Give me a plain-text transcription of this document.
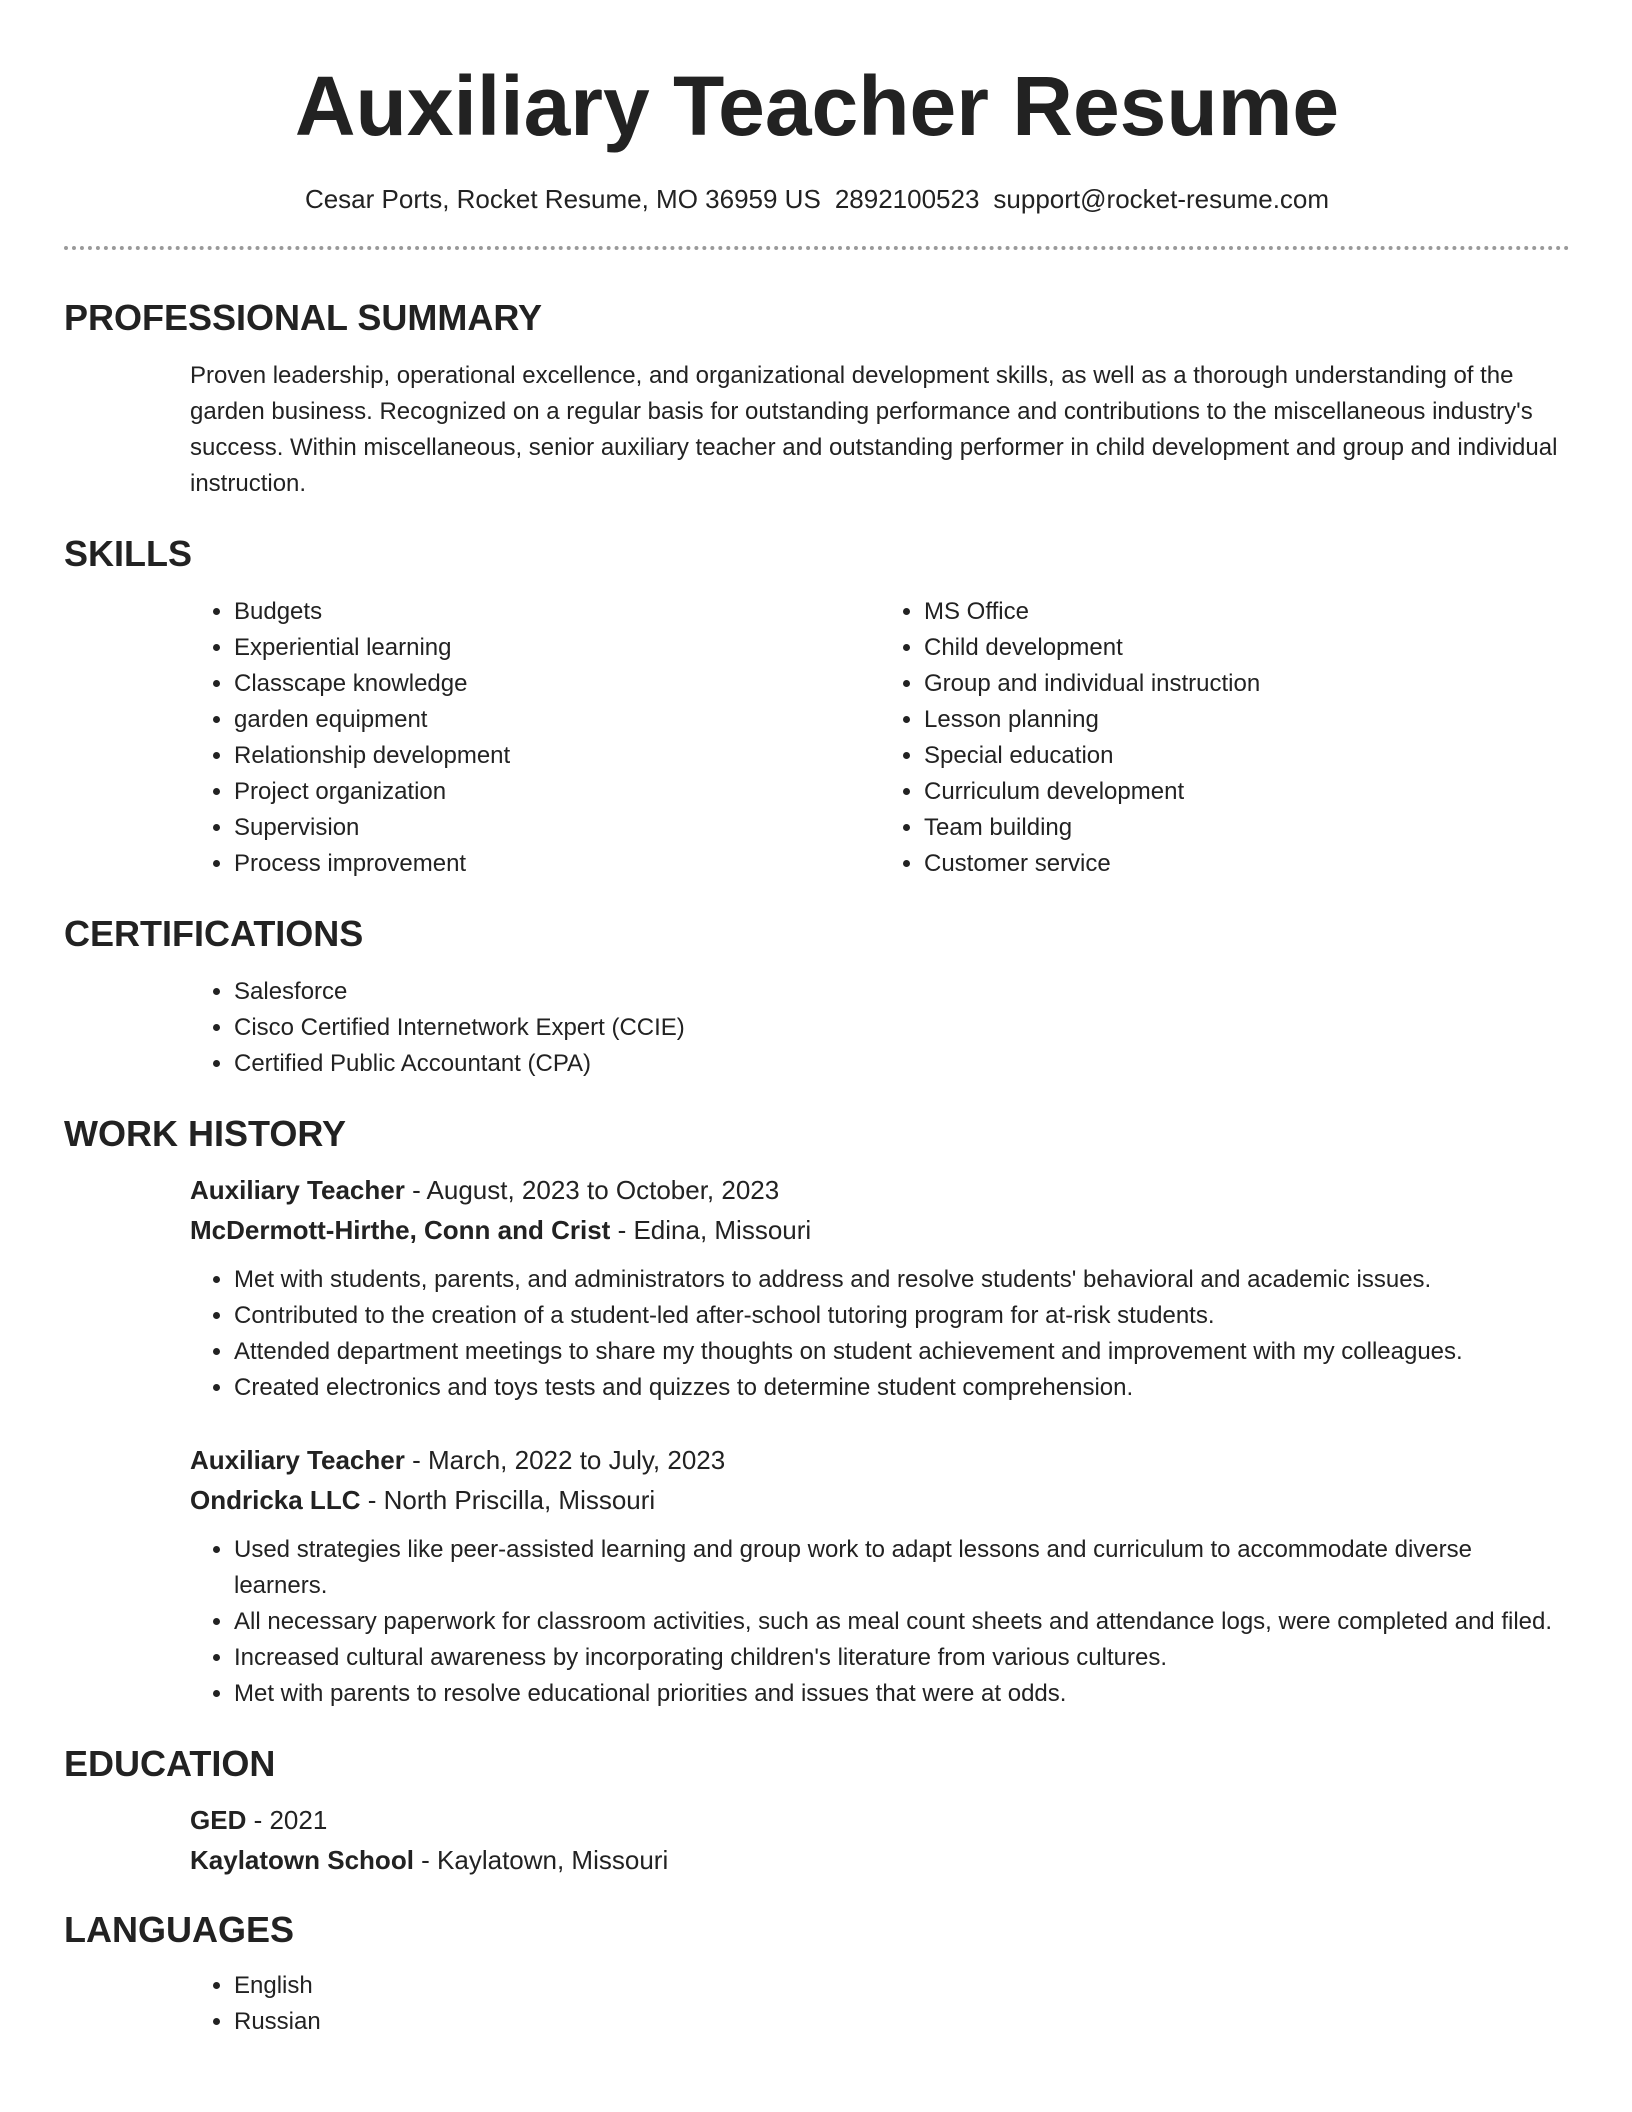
Auxiliary Teacher Resume
Cesar Ports, Rocket Resume, MO 36959 US 2892100523 support@rocket-resume.com
PROFESSIONAL SUMMARY

Proven leadership, operational excellence, and organizational development skills, as well as a thorough understanding of the garden business. Recognized on a regular basis for outstanding performance and contributions to the miscellaneous industry's success. Within miscellaneous, senior auxiliary teacher and outstanding performer in child development and group and individual instruction.

SKILLS
• Budgets
• Experiential learning
• Classcape knowledge
• garden equipment
• Relationship development
• Project organization
• Supervision
• Process improvement
• MS Office
• Child development
• Group and individual instruction
• Lesson planning
• Special education
• Curriculum development
• Team building
• Customer service
CERTIFICATIONS
• Salesforce
• Cisco Certified Internetwork Expert (CCIE)
• Certified Public Accountant (CPA)
WORK HISTORY
Auxiliary Teacher - August, 2023 to October, 2023
McDermott-Hirthe, Conn and Crist - Edina, Missouri
• Met with students, parents, and administrators to address and resolve students' behavioral and academic issues.
• Contributed to the creation of a student-led after-school tutoring program for at-risk students.
• Attended department meetings to share my thoughts on student achievement and improvement with my colleagues.
• Created electronics and toys tests and quizzes to determine student comprehension.
Auxiliary Teacher - March, 2022 to July, 2023
Ondricka LLC - North Priscilla, Missouri
• Used strategies like peer-assisted learning and group work to adapt lessons and curriculum to accommodate diverse learners.
• All necessary paperwork for classroom activities, such as meal count sheets and attendance logs, were completed and filed.
• Increased cultural awareness by incorporating children's literature from various cultures.
• Met with parents to resolve educational priorities and issues that were at odds.
EDUCATION
GED - 2021
Kaylatown School - Kaylatown, Missouri
LANGUAGES
• English
• Russian
